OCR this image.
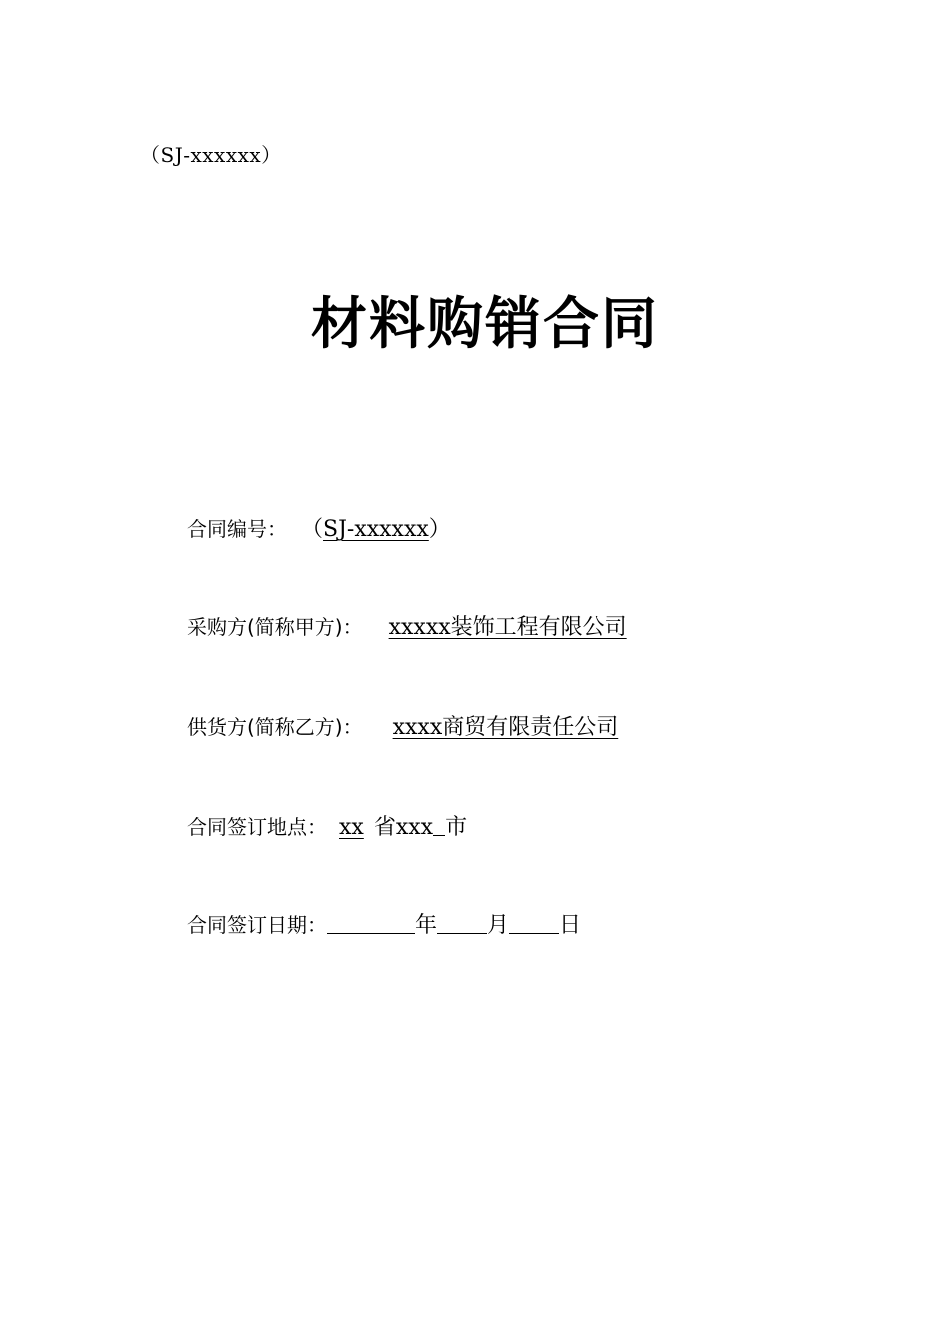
（SJ-xxxxxx）
材料购销合同
合同编号： （ SJ-xxxxxx ）
采购方(简称甲方)：	xxxxx装饰工程有限公司
供货方(简称乙方)：	xxxx商贸有限责任公司
合同签订地点： xx 省 xxx 市
合同签订日期：	年 月 日
